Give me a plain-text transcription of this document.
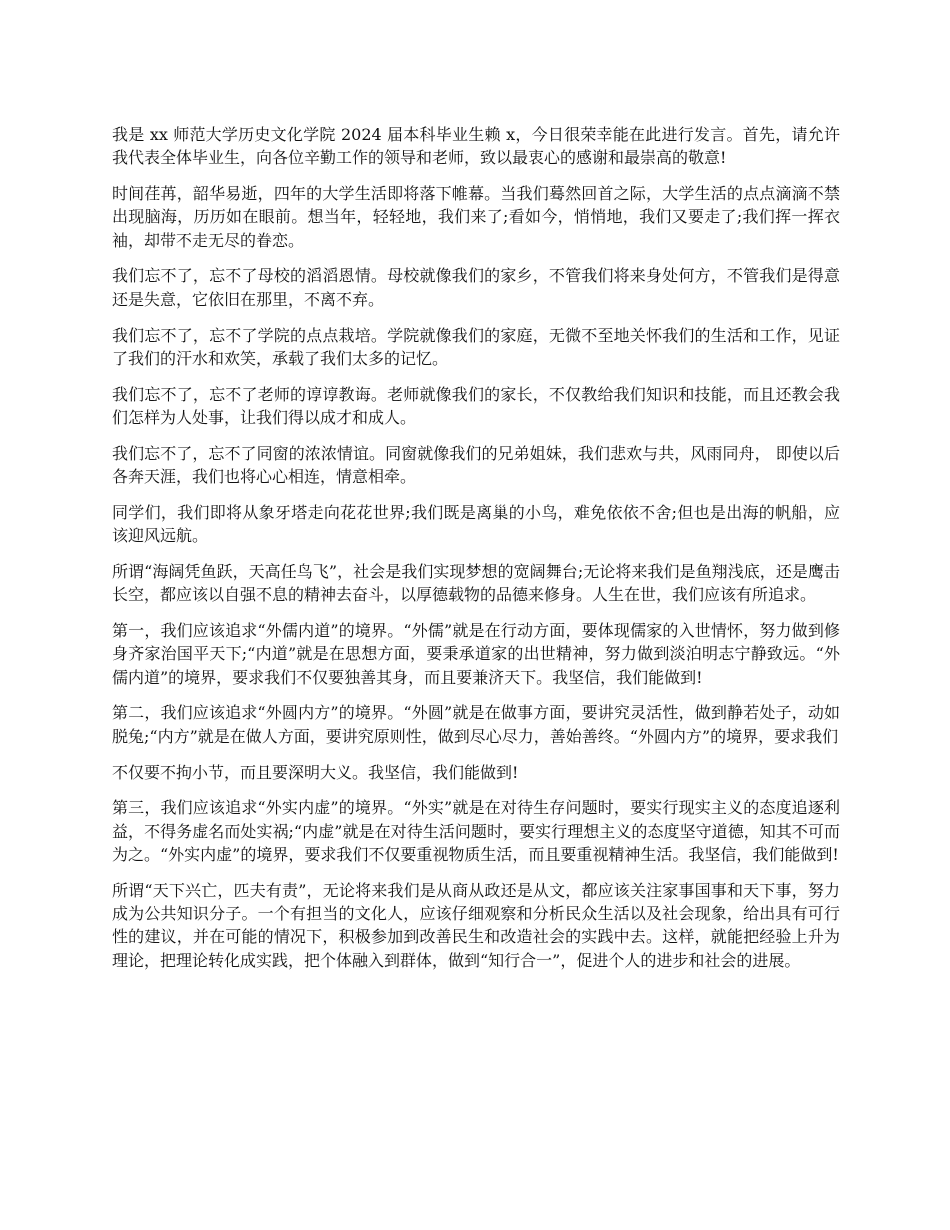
我是 xx 师范大学历史文化学院 2024 届本科毕业生赖 x，今日很荣幸能在此进行发言。首先，请允许我代表全体毕业生，向各位辛勤工作的领导和老师，致以最衷心的感谢和最崇高的敬意!

时间荏苒，韶华易逝，四年的大学生活即将落下帷幕。当我们蓦然回首之际，大学生活的点点滴滴不禁出现脑海，历历如在眼前。想当年，轻轻地，我们来了;看如今，悄悄地，我们又要走了;我们挥一挥衣袖，却带不走无尽的眷恋。

我们忘不了，忘不了母校的滔滔恩情。母校就像我们的家乡，不管我们将来身处何方，不管我们是得意还是失意，它依旧在那里，不离不弃。

我们忘不了，忘不了学院的点点栽培。学院就像我们的家庭，无微不至地关怀我们的生活和工作，见证了我们的汗水和欢笑，承载了我们太多的记忆。

我们忘不了，忘不了老师的谆谆教诲。老师就像我们的家长，不仅教给我们知识和技能，而且还教会我们怎样为人处事，让我们得以成才和成人。

我们忘不了，忘不了同窗的浓浓情谊。同窗就像我们的兄弟姐妹，我们悲欢与共，风雨同舟， 即使以后各奔天涯，我们也将心心相连，情意相牵。

同学们，我们即将从象牙塔走向花花世界;我们既是离巢的小鸟，难免依依不舍;但也是出海的帆船，应该迎风远航。

所谓“海阔凭鱼跃，天高任鸟飞”，社会是我们实现梦想的宽阔舞台;无论将来我们是鱼翔浅底，还是鹰击长空，都应该以自强不息的精神去奋斗，以厚德载物的品德来修身。人生在世，我们应该有所追求。

第一，我们应该追求“外儒内道”的境界。“外儒”就是在行动方面，要体现儒家的入世情怀，努力做到修身齐家治国平天下;“内道”就是在思想方面，要秉承道家的出世精神，努力做到淡泊明志宁静致远。“外儒内道”的境界，要求我们不仅要独善其身，而且要兼济天下。我坚信，我们能做到!

第二，我们应该追求“外圆内方”的境界。“外圆”就是在做事方面，要讲究灵活性，做到静若处子，动如脱兔;“内方”就是在做人方面，要讲究原则性，做到尽心尽力，善始善终。“外圆内方”的境界，要求我们

不仅要不拘小节，而且要深明大义。我坚信，我们能做到!

第三，我们应该追求“外实内虚”的境界。“外实”就是在对待生存问题时，要实行现实主义的态度追逐利益，不得务虚名而处实祸;“内虚”就是在对待生活问题时，要实行理想主义的态度坚守道德，知其不可而为之。“外实内虚”的境界，要求我们不仅要重视物质生活，而且要重视精神生活。我坚信，我们能做到!

所谓“天下兴亡，匹夫有责”，无论将来我们是从商从政还是从文，都应该关注家事国事和天下事，努力成为公共知识分子。一个有担当的文化人，应该仔细观察和分析民众生活以及社会现象，给出具有可行性的建议，并在可能的情况下，积极参加到改善民生和改造社会的实践中去。这样，就能把经验上升为理论，把理论转化成实践，把个体融入到群体，做到“知行合一”，促进个人的进步和社会的进展。
